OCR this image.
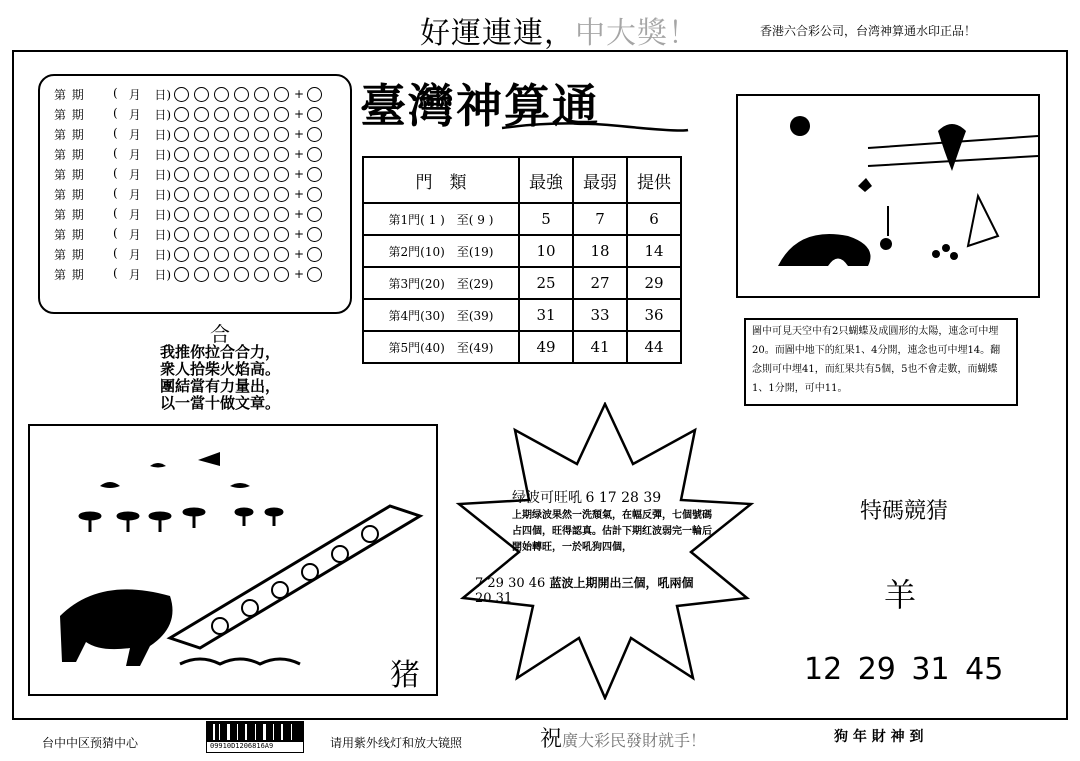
好運連連，中大獎！	香港六合彩公司，台湾神算通水印正品！
第 期	( 月	日)	+
第 期	( 月	日)	+
第 期	( 月	日)	+
第 期	( 月	日)	+
第 期	( 月	日)	+
第 期	( 月	日)	+
第 期	( 月	日)	+
第 期	( 月	日)	+
第 期	( 月	日)	+
第 期	( 月	日)	+
臺灣神算通
門　類	最強	最弱	提供
第1門( 1 )　至( 9 )	5	7	6
第2門(10)　至(19)	10	18	14
第3門(20)　至(29)	25	27	29
第4門(30)　至(39)	31	33	36
第5門(40)　至(49)	49	41	44
合
我推你拉合合力，
衆人拾柴火焰高。
團結當有力量出，
以一當十做文章。
圖中可見天空中有2只蝴蝶及成圓形的太陽，連念可中埋20。而圖中地下的紅果1、4分開，連念也可中埋14。翻念則可中埋41，而紅果共有5個，5也不會走數，而蝴蝶1、1分開，可中11。
猪
绿波可旺吼 6 17 28 39
上期绿波果然一洗頹氣，在幅反彈，七個號碼占四個，旺得認真。估計下期红波弱完一輪后開始轉旺，一於吼狗四個，
7 29 30 46 蓝波上期開出三個，吼兩個 20 31
特碼競猜
羊
12 29 31 45
台中中区预猜中心	09910D1206816A9	请用紫外线灯和放大镜照	祝廣大彩民發財就手！	狗 年 財 神 到
